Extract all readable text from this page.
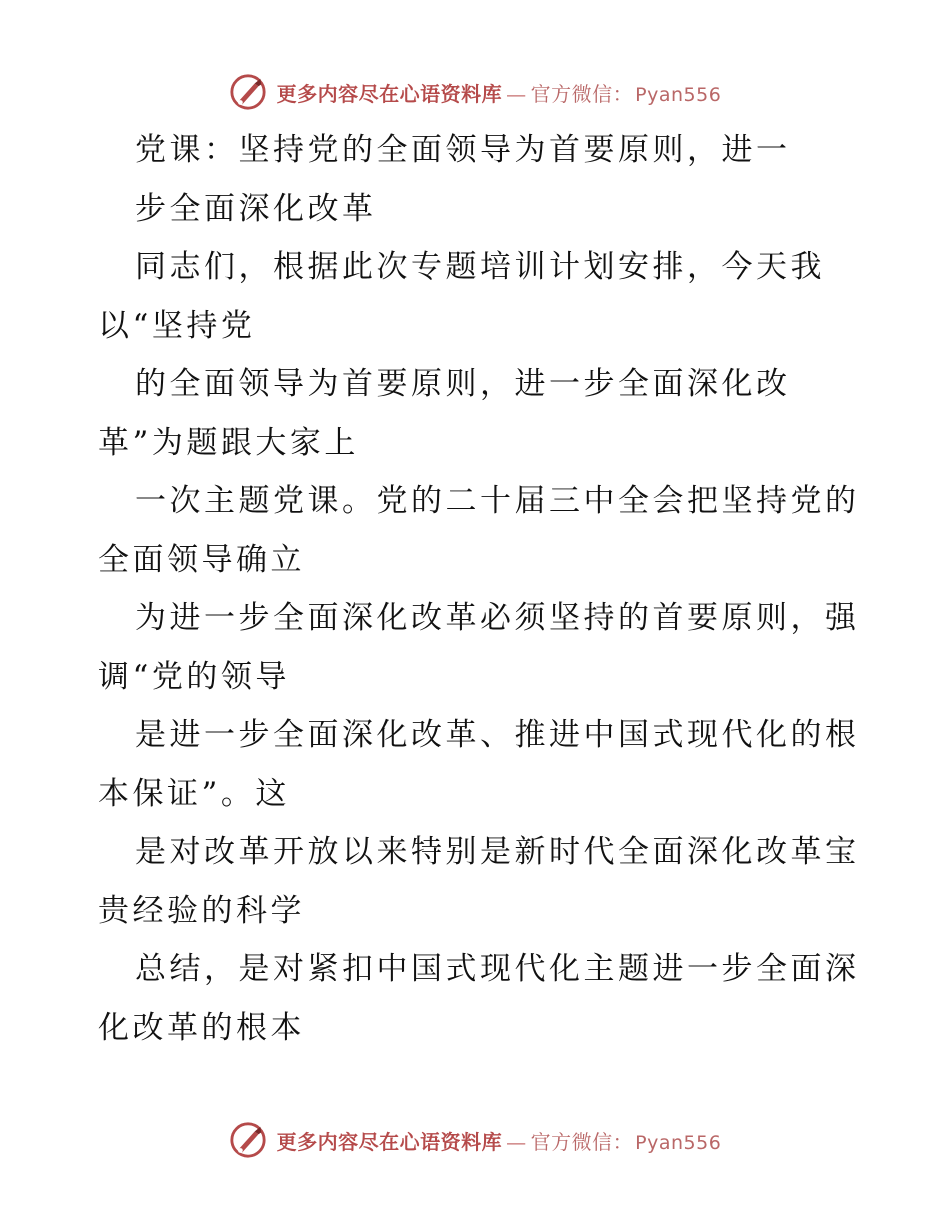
更多内容尽在心语资料库 — 官方微信： Pyan556
党课：坚持党的全面领导为首要原则，进一
步全面深化改革
同志们，根据此次专题培训计划安排，今天我
以“坚持党
的全面领导为首要原则，进一步全面深化改
革”为题跟大家上
一次主题党课。党的二十届三中全会把坚持党的
全面领导确立
为进一步全面深化改革必须坚持的首要原则，强
调“党的领导
是进一步全面深化改革、推进中国式现代化的根
本保证”。这
是对改革开放以来特别是新时代全面深化改革宝
贵经验的科学
总结，是对紧扣中国式现代化主题进一步全面深
化改革的根本
更多内容尽在心语资料库 — 官方微信： Pyan556
